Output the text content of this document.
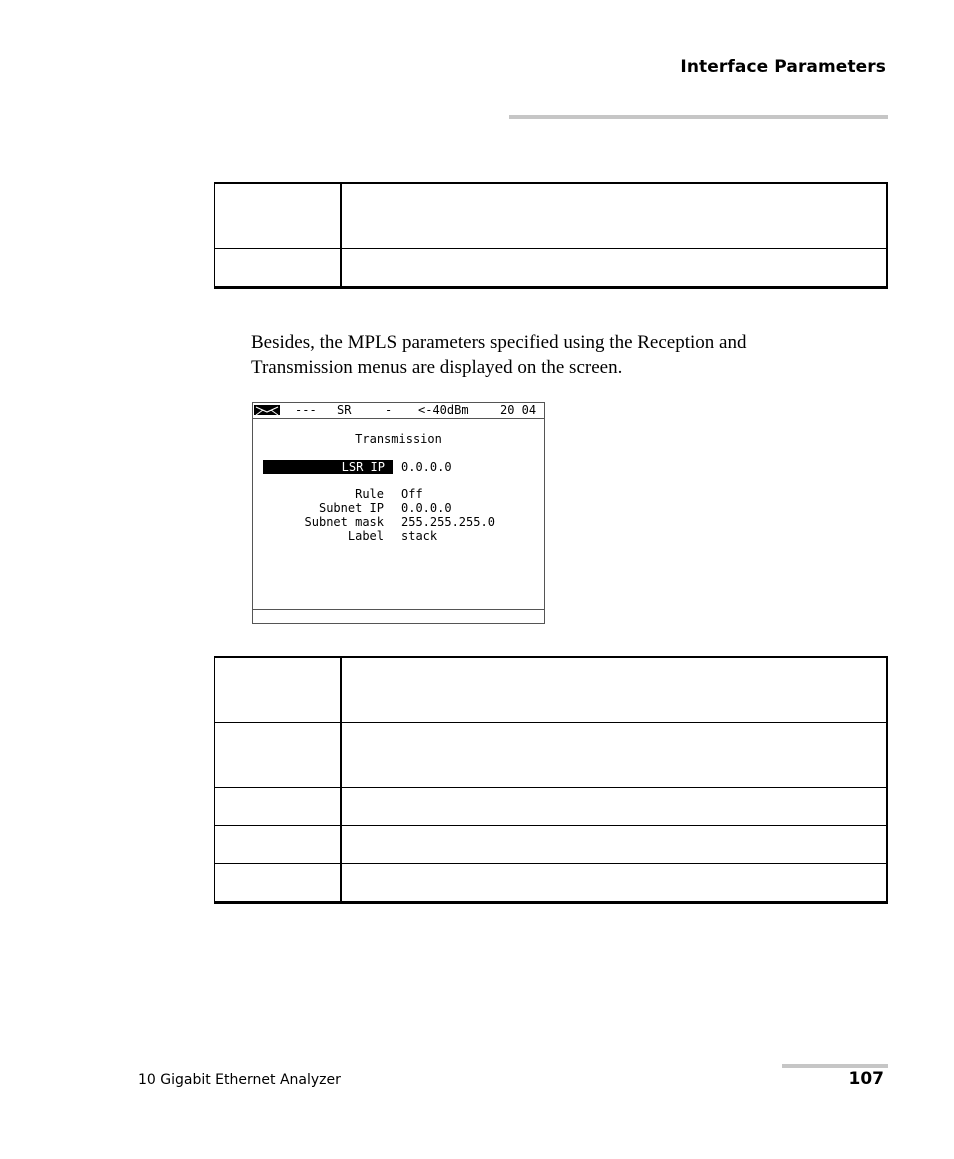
Interface Parameters

Besides, the MPLS parameters specified using the Reception and

Transmission menus are displayed on the screen.

--- SR	- <-40dBm	20 04
Transmission
LSR IP 0.0.0.0
Rule Off
Subnet IP 0.0.0.0
Subnet mask 255.255.255.0
Label stack

10 Gigabit Ethernet Analyzer	107
